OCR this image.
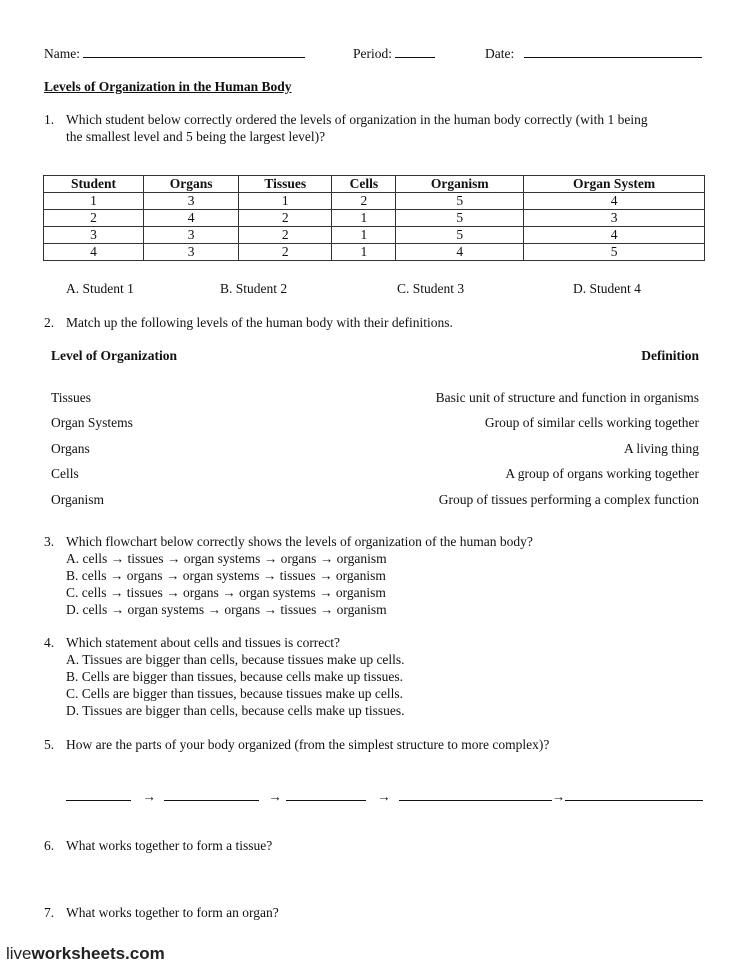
Name:	Period:	Date:
Levels of Organization in the Human Body
1. Which student below correctly ordered the levels of organization in the human body correctly (with 1 being
the smallest level and 5 being the largest level)?
Student	Organs	Tissues	Cells	Organism	Organ System
1	3	1	2	5	4
2	4	2	1	5	3
3	3	2	1	5	4
4	3	2	1	4	5
A. Student 1	B. Student 2	C. Student 3	D. Student 4
2. Match up the following levels of the human body with their definitions.
Level of Organization	Definition
Tissues	Basic unit of structure and function in organisms
Organ Systems	Group of similar cells working together
Organs	A living thing
Cells	A group of organs working together
Organism	Group of tissues performing a complex function
3. Which flowchart below correctly shows the levels of organization of the human body?
A. cells → tissues → organ systems → organs → organism
B. cells → organs → organ systems → tissues → organism
C. cells → tissues → organs → organ systems → organism
D. cells → organ systems → organs → tissues → organism
4. Which statement about cells and tissues is correct?
A. Tissues are bigger than cells, because tissues make up cells.
B. Cells are bigger than tissues, because cells make up tissues.
C. Cells are bigger than tissues, because tissues make up cells.
D. Tissues are bigger than cells, because cells make up tissues.
5. How are the parts of your body organized (from the simplest structure to more complex)?
→	→	→	→
6. What works together to form a tissue?
7. What works together to form an organ?
liveworksheets.com
